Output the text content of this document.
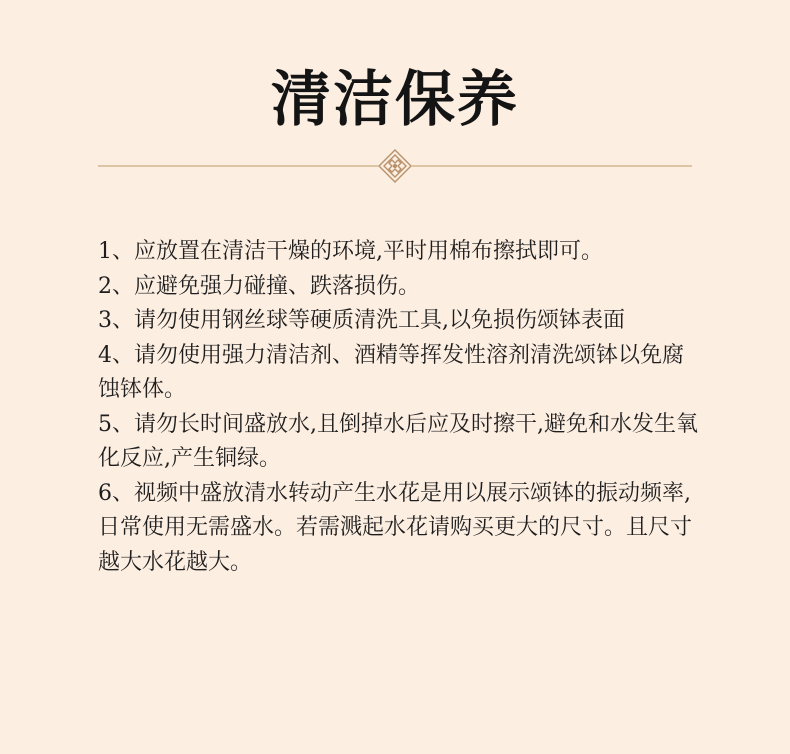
清洁保养

1、应放置在清洁干燥的环境,平时用棉布擦拭即可。

2、应避免强力碰撞、跌落损伤。

3、请勿使用钢丝球等硬质清洗工具,以免损伤颂钵表面

4、请勿使用强力清洁剂、酒精等挥发性溶剂清洗颂钵以免腐蚀钵体。

5、请勿长时间盛放水,且倒掉水后应及时擦干,避免和水发生氧化反应,产生铜绿。

6、视频中盛放清水转动产生水花是用以展示颂钵的振动频率, 日常使用无需盛水。若需溅起水花请购买更大的尺寸。且尺寸越大水花越大。
